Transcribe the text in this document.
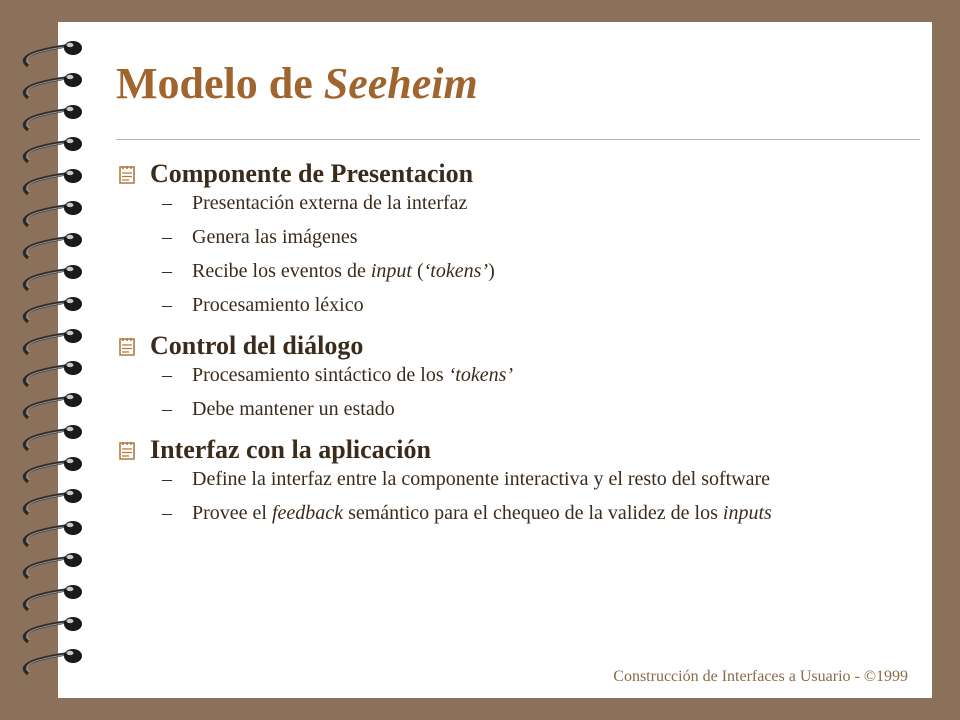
Modelo de Seeheim
Componente de Presentacion
– Presentación externa de la interfaz
– Genera las imágenes
– Recibe los eventos de input (‘tokens’)
– Procesamiento léxico
Control del diálogo
– Procesamiento sintáctico de los ‘tokens’
– Debe mantener un estado
Interfaz con la aplicación
– Define la interfaz entre la componente interactiva y el resto del software
– Provee el feedback semántico para el chequeo de la validez de los inputs
Construcción de Interfaces a Usuario - ©1999
